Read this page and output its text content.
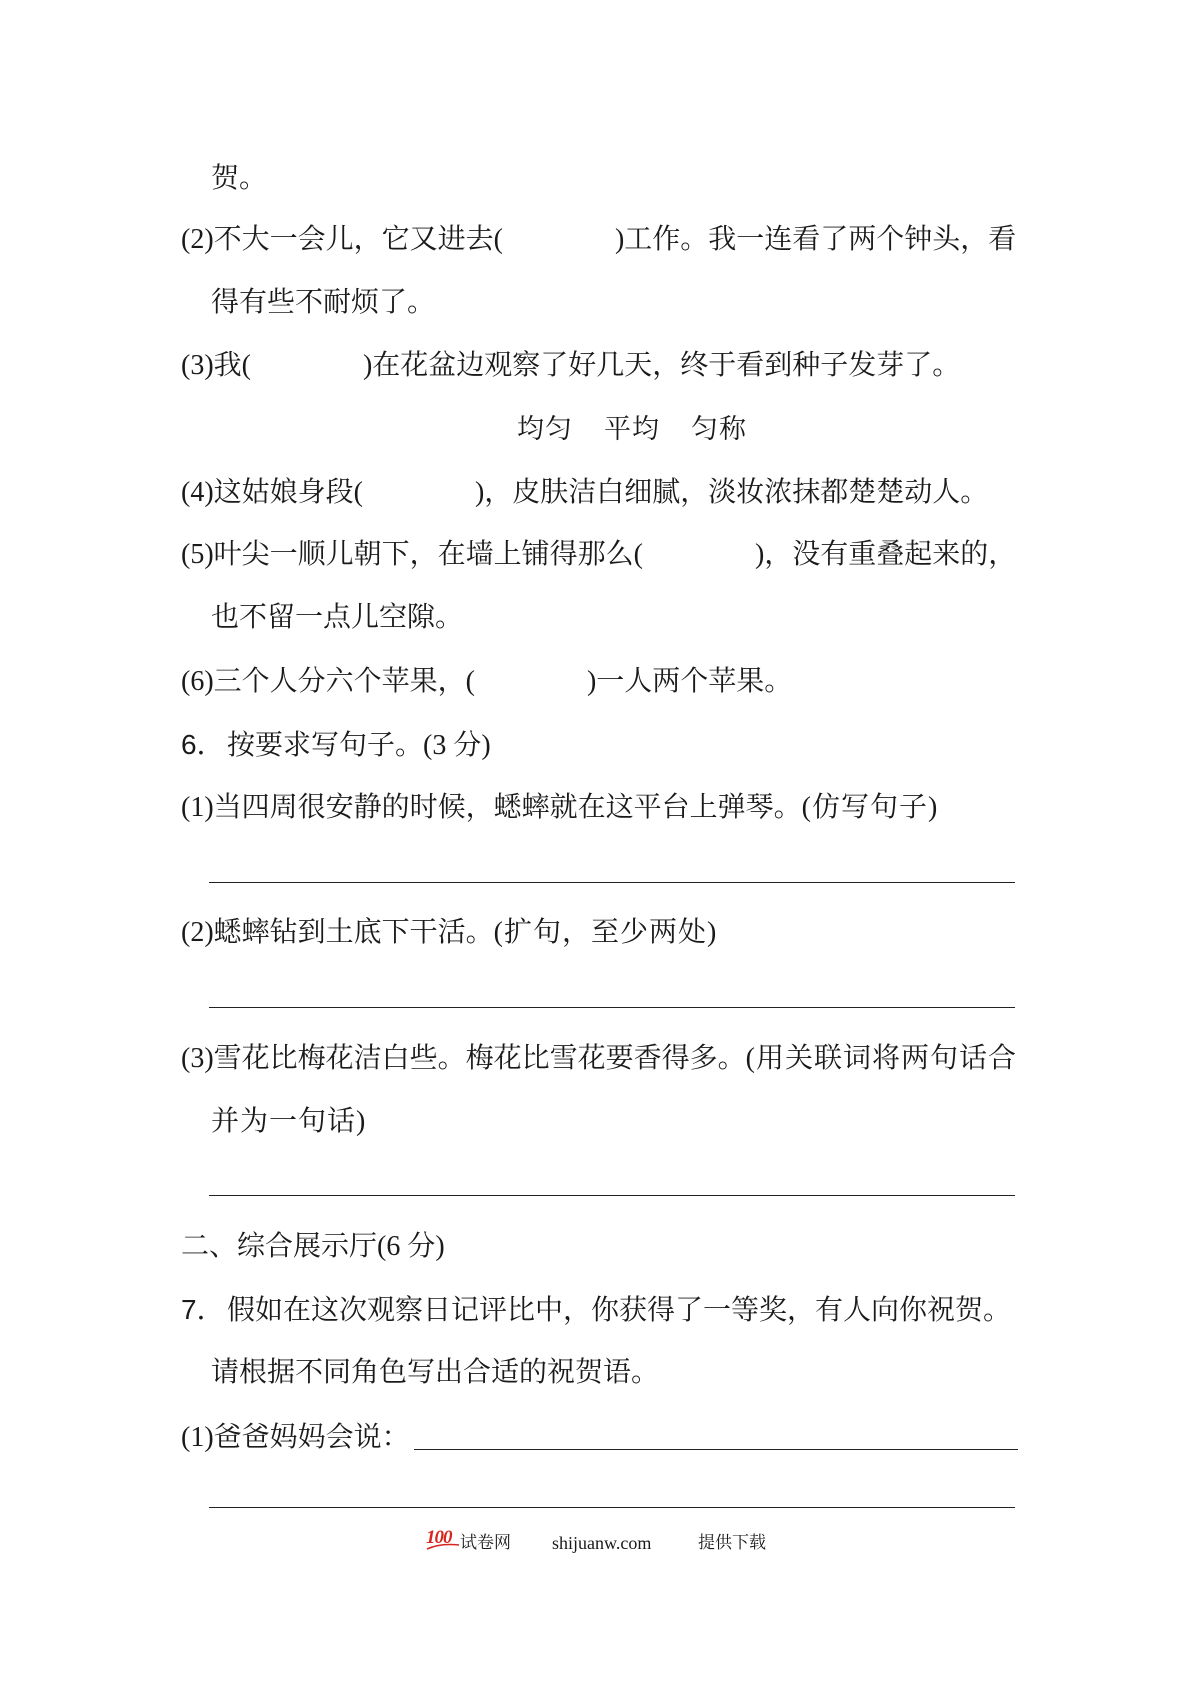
贺。
(2)不大一会儿，它又进去(	)工作。我一连看了两个钟头，看
得有些不耐烦了。
(3)我(	)在花盆边观察了好几天，终于看到种子发芽了。
均匀 平均 匀称
(4)这姑娘身段(	)，皮肤洁白细腻，淡妆浓抹都楚楚动人。
(5)叶尖一顺儿朝下，在墙上铺得那么(	)，没有重叠起来的，
也不留一点儿空隙。
(6)三个人分六个苹果，(	)一人两个苹果。
6．按要求写句子。(3 分)
(1)当四周很安静的时候，蟋蟀就在这平台上弹琴。(仿写句子)
(2)蟋蟀钻到土底下干活。(扩句，至少两处)
(3)雪花比梅花洁白些。梅花比雪花要香得多。(用关联词将两句话合
并为一句话)
二、综合展示厅(6 分)
7．假如在这次观察日记评比中，你获得了一等奖，有人向你祝贺。
请根据不同角色写出合适的祝贺语。
(1)爸爸妈妈会说：
100 试卷网 shijuanw.com	提供下载
